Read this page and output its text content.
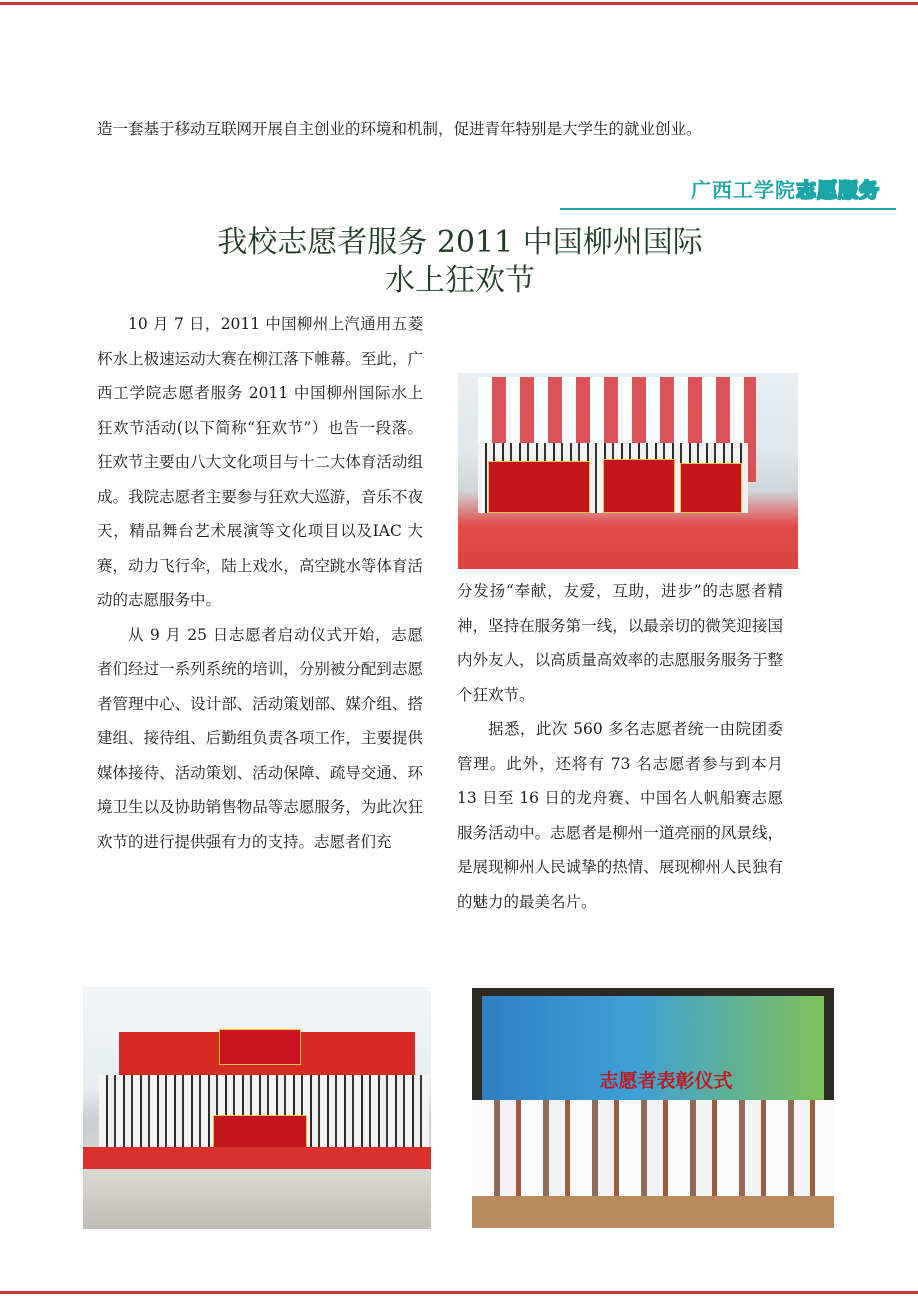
造一套基于移动互联网开展自主创业的环境和机制，促进青年特别是大学生的就业创业。

广西工学院志愿服务
我校志愿者服务 2011 中国柳州国际
水上狂欢节

10 月 7 日，2011 中国柳州上汽通用五菱杯水上极速运动大赛在柳江落下帷幕。至此，广西工学院志愿者服务 2011 中国柳州国际水上狂欢节活动(以下简称“狂欢节”）也告一段落。 狂欢节主要由八大文化项目与十二大体育活动组成。我院志愿者主要参与狂欢大巡游，音乐不夜天，精品舞台艺术展演等文化项目以及IAC 大赛，动力飞行伞，陆上戏水，高空跳水等体育活动的志愿服务中。

从 9 月 25 日志愿者启动仪式开始，志愿者们经过一系列系统的培训，分别被分配到志愿者管理中心、设计部、活动策划部、媒介组、搭建组、接待组、后勤组负责各项工作，主要提供媒体接待、活动策划、活动保障、疏导交通、环境卫生以及协助销售物品等志愿服务，为此次狂欢节的进行提供强有力的支持。志愿者们充

分发扬“奉献，友爱，互助，进步”的志愿者精神，坚持在服务第一线，以最亲切的微笑迎接国内外友人，以高质量高效率的志愿服务服务于整个狂欢节。

据悉，此次 560 多名志愿者统一由院团委管理。此外，还将有 73 名志愿者参与到本月 13 日至 16 日的龙舟赛、中国名人帆船赛志愿服务活动中。志愿者是柳州一道亮丽的风景线，是展现柳州人民诚挚的热情、展现柳州人民独有的魅力的最美名片。

志愿者表彰仪式
